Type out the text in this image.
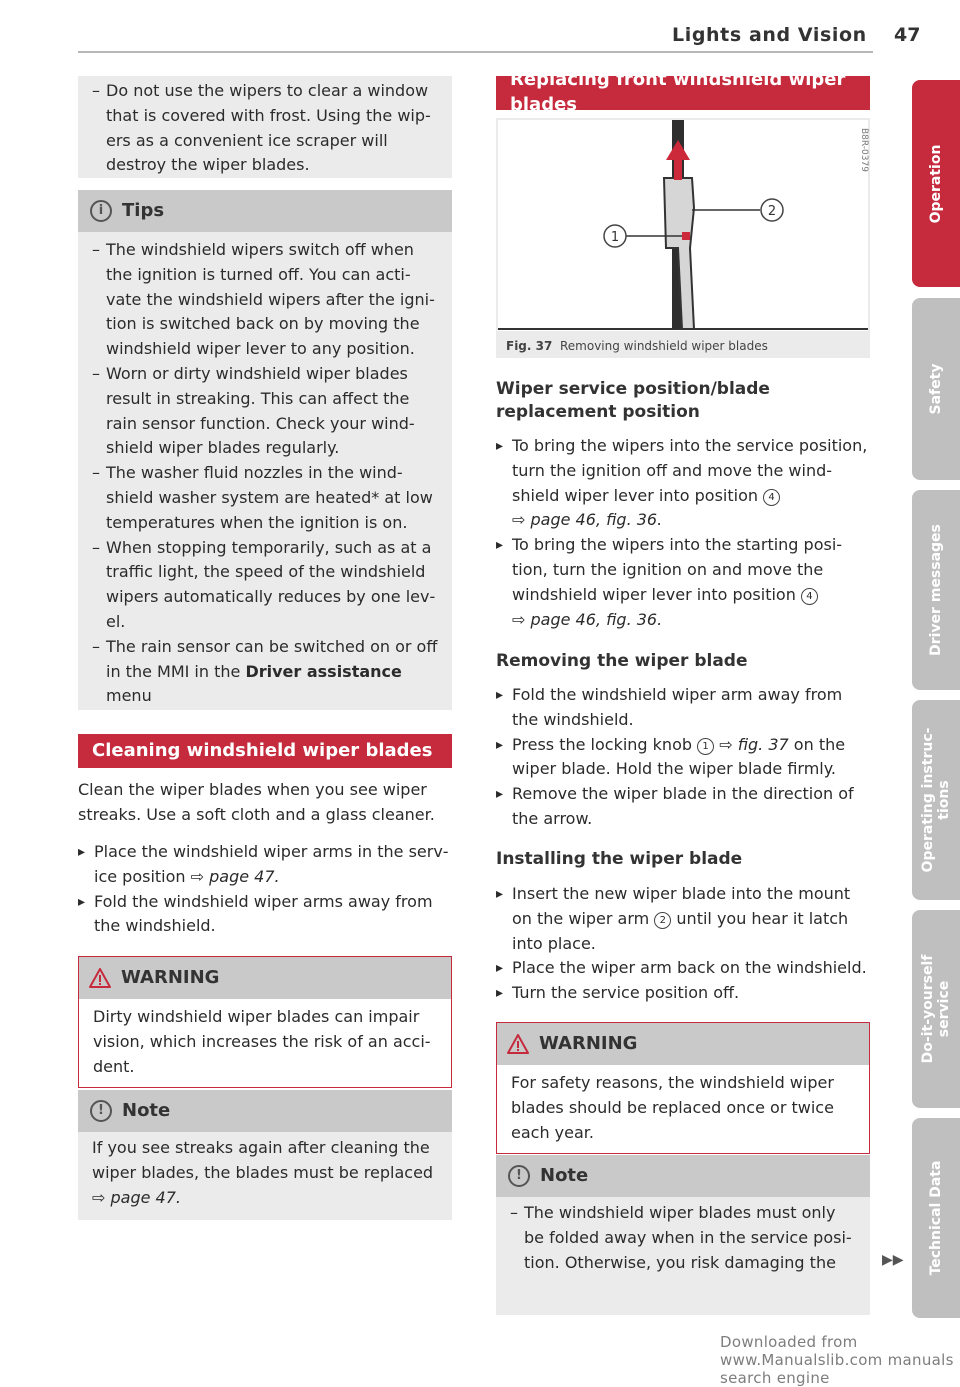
Lights and Vision 47
– Do not use the wipers to clear a window that is covered with frost. Using the wipers as a convenient ice scraper will destroy the wiper blades.
i	Tips
– The windshield wipers switch off when the ignition is turned off. You can activate the windshield wipers after the ignition is switched back on by moving the windshield wiper lever to any position.
– Worn or dirty windshield wiper blades result in streaking. This can affect the rain sensor function. Check your windshield wiper blades regularly.
– The washer fluid nozzles in the windshield washer system are heated* at low temperatures when the ignition is on.
– When stopping temporarily, such as at a traffic light, the speed of the windshield wipers automatically reduces by one level.
– The rain sensor can be switched on or off in the MMI in the Driver assistance menu
Cleaning windshield wiper blades
Clean the wiper blades when you see wiper streaks. Use a soft cloth and a glass cleaner.
▸ Place the windshield wiper arms in the service position ⇨ page 47.
▸ Fold the windshield wiper arms away from the windshield.
WARNING
Dirty windshield wiper blades can impair vision, which increases the risk of an accident.
!	Note
If you see streaks again after cleaning the wiper blades, the blades must be replaced ⇨ page 47.
Replacing front windshield wiper blades
1
2
B8R-0379
Fig. 37 Removing windshield wiper blades
Wiper service position/blade replacement position
▸ To bring the wipers into the service position, turn the ignition off and move the windshield wiper lever into position 4
⇨ page 46, fig. 36.
▸ To bring the wipers into the starting position, turn the ignition on and move the windshield wiper lever into position 4
⇨ page 46, fig. 36.
Removing the wiper blade
▸ Fold the windshield wiper arm away from the windshield.
▸ Press the locking knob 1 ⇨ fig. 37 on the wiper blade. Hold the wiper blade firmly.
▸ Remove the wiper blade in the direction of the arrow.
Installing the wiper blade
▸ Insert the new wiper blade into the mount on the wiper arm 2 until you hear it latch into place.
▸ Place the wiper arm back on the windshield.
▸ Turn the service position off.
WARNING
For safety reasons, the windshield wiper blades should be replaced once or twice each year.
!	Note
– The windshield wiper blades must only be folded away when in the service position. Otherwise, you risk damaging the	▶▶
Operation
Safety
Driver messages
Operating instruc-
tions
Do-it-yourself
service
Technical Data
Downloaded from www.Manualslib.com manuals search engine
